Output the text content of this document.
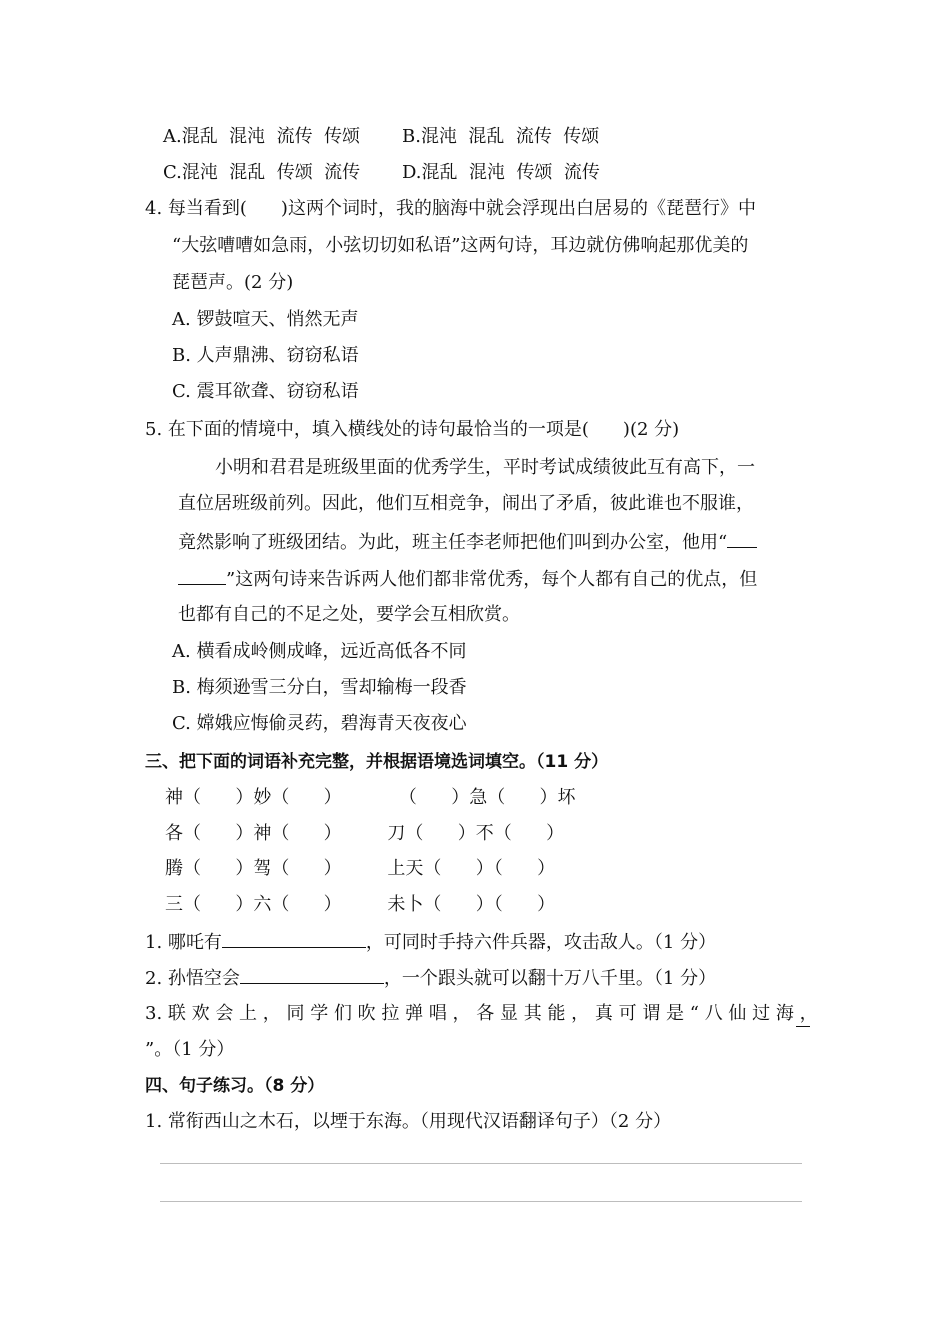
A.混乱  混沌  流传  传颂 B.混沌  混乱  流传  传颂
C.混沌  混乱  传颂  流传 D.混乱  混沌  传颂  流传
4. 每当看到( )这两个词时，我的脑海中就会浮现出白居易的《琵琶行》中
“大弦嘈嘈如急雨，小弦切切如私语”这两句诗，耳边就仿佛响起那优美的
琵琶声。(2 分)
A. 锣鼓喧天、悄然无声
B. 人声鼎沸、窃窃私语
C. 震耳欲聋、窃窃私语
5. 在下面的情境中，填入横线处的诗句最恰当的一项是( )(2 分)
小明和君君是班级里面的优秀学生，平时考试成绩彼此互有高下，一
直位居班级前列。因此，他们互相竞争，闹出了矛盾，彼此谁也不服谁，
竟然影响了班级团结。为此，班主任李老师把他们叫到办公室，他用“
”这两句诗来告诉两人他们都非常优秀，每个人都有自己的优点，但
也都有自己的不足之处，要学会互相欣赏。
A. 横看成岭侧成峰，远近高低各不同
B. 梅须逊雪三分白，雪却输梅一段香
C. 嫦娥应悔偷灵药，碧海青天夜夜心
三、把下面的词语补充完整，并根据语境选词填空。（11 分）
神（      ）妙（      ）          （      ）急（      ）坏
各（      ）神（      ）        刀（      ）不（      ）
腾（      ）驾（      ）        上天（      ）（      ）
三（      ）六（      ）        未卜（      ）（      ）
1. 哪吒有	，可同时手持六件兵器，攻击敌人。（1 分）
2. 孙悟空会	，一个跟头就可以翻十万八千里。（1 分）
3. 联 欢 会 上 ， 同 学 们 吹 拉 弹 唱 ， 各 显 其 能 ， 真 可 谓 是 “ 八 仙 过 海 ，
”。（1 分）
四、句子练习。（8 分）
1. 常衔西山之木石，以堙于东海。（用现代汉语翻译句子）（2 分）
